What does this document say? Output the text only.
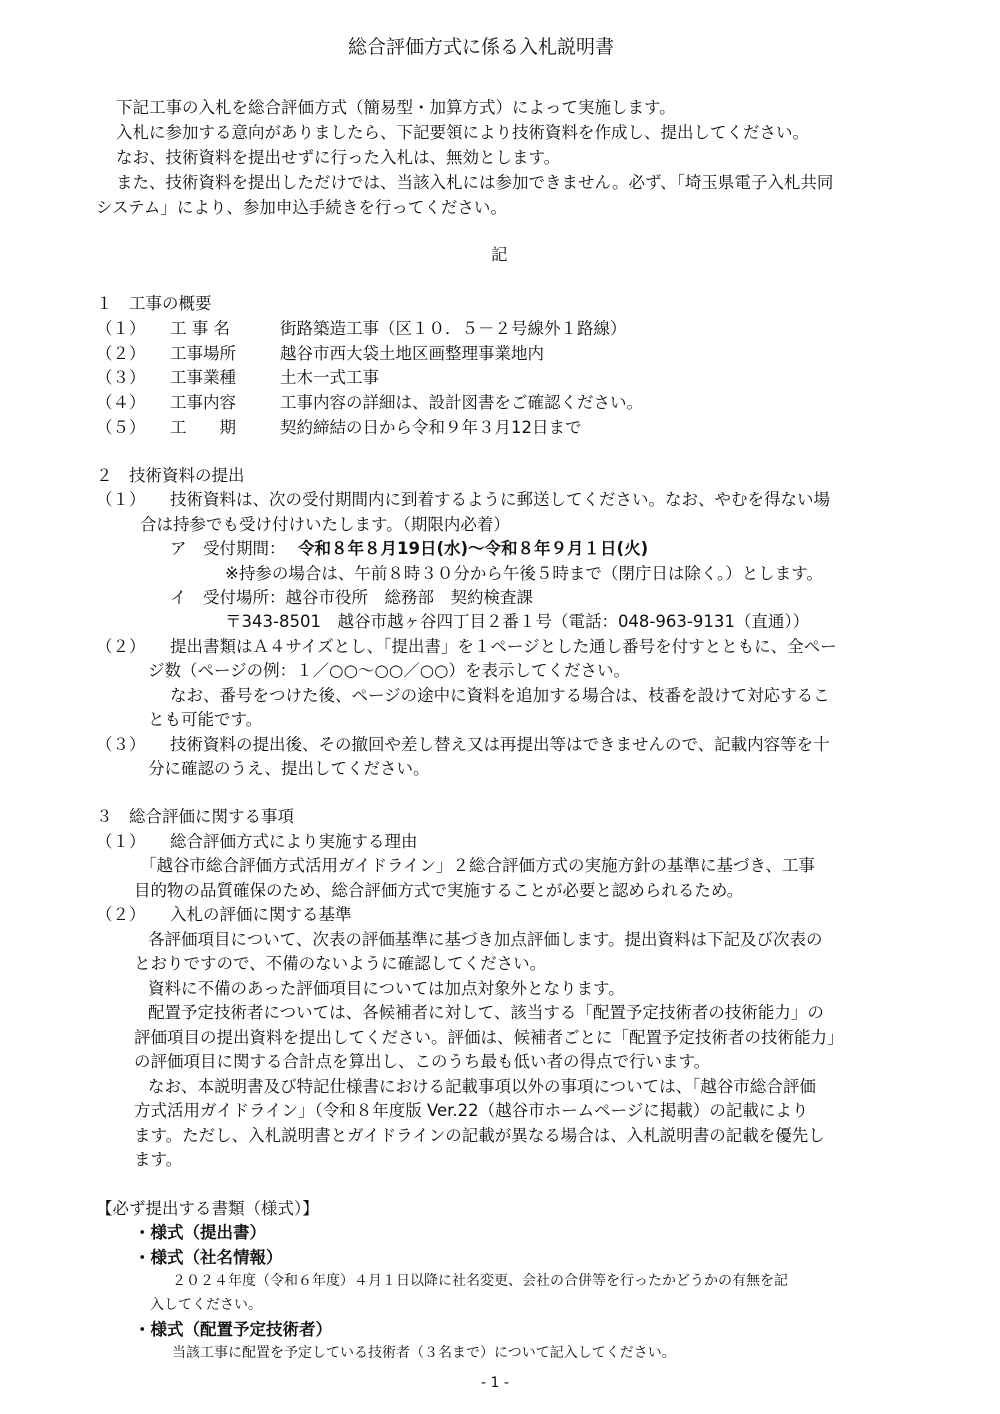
総合評価方式に係る入札説明書
下記工事の入札を総合評価方式（簡易型・加算方式）によって実施します。
入札に参加する意向がありましたら、下記要領により技術資料を作成し、提出してください。
なお、技術資料を提出せずに行った入札は、無効とします。
また、技術資料を提出しただけでは、当該入札には参加できません。必ず、「埼玉県電子入札共同
システム」により、参加申込手続きを行ってください。
記
１　工事の概要
（１） 工 事 名	街路築造工事（区１０．５－２号線外１路線）
（２） 工事場所	越谷市西大袋土地区画整理事業地内
（３） 工事業種	土木一式工事
（４） 工事内容	工事内容の詳細は、設計図書をご確認ください。
（５） 工　　期	契約締結の日から令和９年３月12日まで
２　技術資料の提出
（１） 技術資料は、次の受付期間内に到着するように郵送してください。なお、やむを得ない場
合は持参でも受け付けいたします。（期限内必着）
ア　受付期間： 令和８年８月19日(水)～令和８年９月１日(火)
※持参の場合は、午前８時３０分から午後５時まで（閉庁日は除く。）とします。
イ　受付場所：越谷市役所　総務部　契約検査課
〒343-8501　越谷市越ヶ谷四丁目２番１号（電話：048-963-9131（直通））
（２） 提出書類はＡ４サイズとし、「提出書」を１ページとした通し番号を付すとともに、全ペー
ジ数（ページの例：１／○○～○○／○○）を表示してください。
なお、番号をつけた後、ページの途中に資料を追加する場合は、枝番を設けて対応するこ
とも可能です。
（３） 技術資料の提出後、その撤回や差し替え又は再提出等はできませんので、記載内容等を十
分に確認のうえ、提出してください。
３　総合評価に関する事項
（１） 総合評価方式により実施する理由
「越谷市総合評価方式活用ガイドライン」２総合評価方式の実施方針の基準に基づき、工事
目的物の品質確保のため、総合評価方式で実施することが必要と認められるため。
（２） 入札の評価に関する基準
各評価項目について、次表の評価基準に基づき加点評価します。提出資料は下記及び次表の
とおりですので、不備のないように確認してください。
資料に不備のあった評価項目については加点対象外となります。
配置予定技術者については、各候補者に対して、該当する「配置予定技術者の技術能力」の
評価項目の提出資料を提出してください。評価は、候補者ごとに「配置予定技術者の技術能力」
の評価項目に関する合計点を算出し、このうち最も低い者の得点で行います。
なお、本説明書及び特記仕様書における記載事項以外の事項については、「越谷市総合評価
方式活用ガイドライン」（令和８年度版 Ver.22（越谷市ホームページに掲載）の記載により
ます。ただし、入札説明書とガイドラインの記載が異なる場合は、入札説明書の記載を優先し
ます。
【必ず提出する書類（様式）】
・様式（提出書）
・様式（社名情報）
２０２４年度（令和６年度）４月１日以降に社名変更、会社の合併等を行ったかどうかの有無を記
入してください。
・様式（配置予定技術者）
当該工事に配置を予定している技術者（３名まで）について記入してください。
- 1 -
